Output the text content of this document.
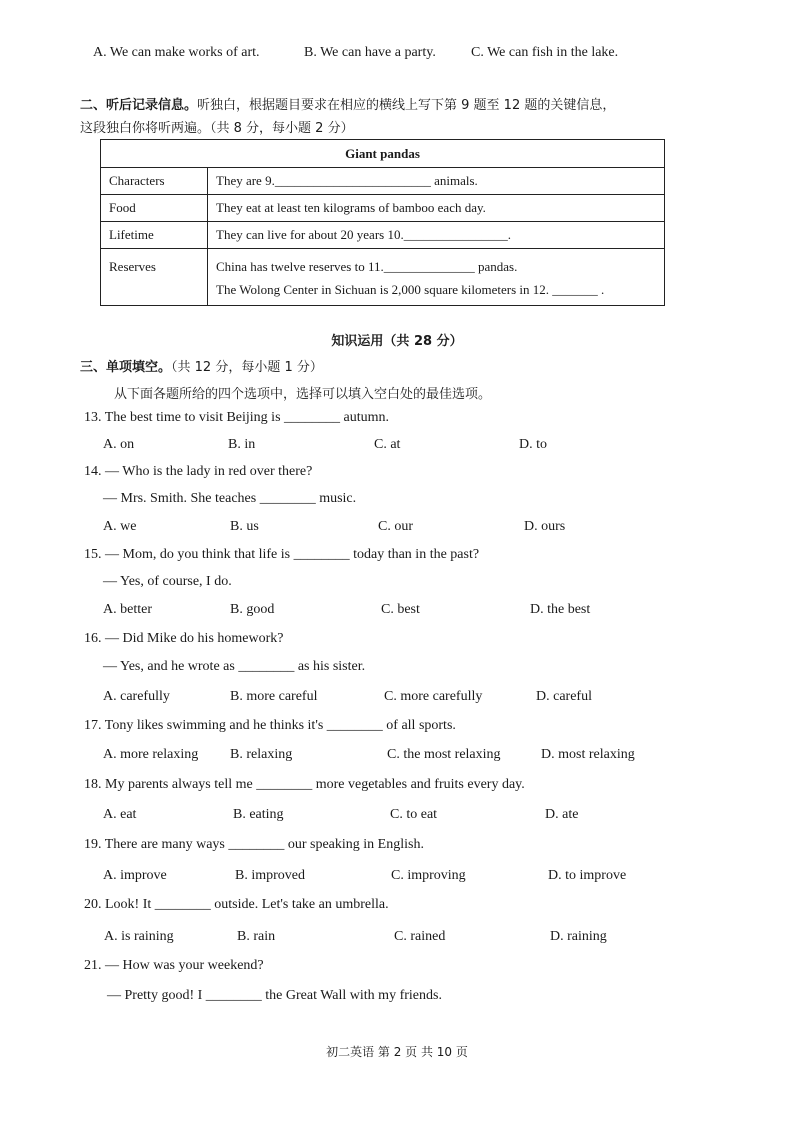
A. We can make works of art.	B. We can have a party.	C. We can fish in the lake.
二、听后记录信息。听独白，根据题目要求在相应的横线上写下第 9 题至 12 题的关键信息，
这段独白你将听两遍。（共 8 分，每小题 2 分）
Giant pandas	
Characters	They are 9.________________________ animals.
Food	They eat at least ten kilograms of bamboo each day.
Lifetime	They can live for about 20 years 10.________________.
Reserves	China has twelve reserves to 11.______________ pandas.
The Wolong Center in Sichuan is 2,000 square kilometers in 12. _______ .
知识运用（共 28 分）
三、单项填空。（共 12 分，每小题 1 分）
从下面各题所给的四个选项中，选择可以填入空白处的最佳选项。
13. The best time to visit Beijing is ________ autumn.
A. on	B. in	C. at	D. to
14. — Who is the lady in red over there?
— Mrs. Smith. She teaches ________ music.
A. we	B. us	C. our	D. ours
15. — Mom, do you think that life is ________ today than in the past?
— Yes, of course, I do.
A. better	B. good	C. best	D. the best
16. — Did Mike do his homework?
— Yes, and he wrote as ________ as his sister.
A. carefully	B. more careful	C. more carefully	D. careful
17. Tony likes swimming and he thinks it's ________ of all sports.
A. more relaxing B. relaxing	C. the most relaxing	D. most relaxing
18. My parents always tell me ________ more vegetables and fruits every day.
A. eat	B. eating	C. to eat	D. ate
19. There are many ways ________ our speaking in English.
A. improve	B. improved	C. improving	D. to improve
20. Look! It ________ outside. Let's take an umbrella.
A. is raining	B. rain	C. rained	D. raining
21. — How was your weekend?
— Pretty good! I ________ the Great Wall with my friends.
初二英语 第 2 页 共 10 页
